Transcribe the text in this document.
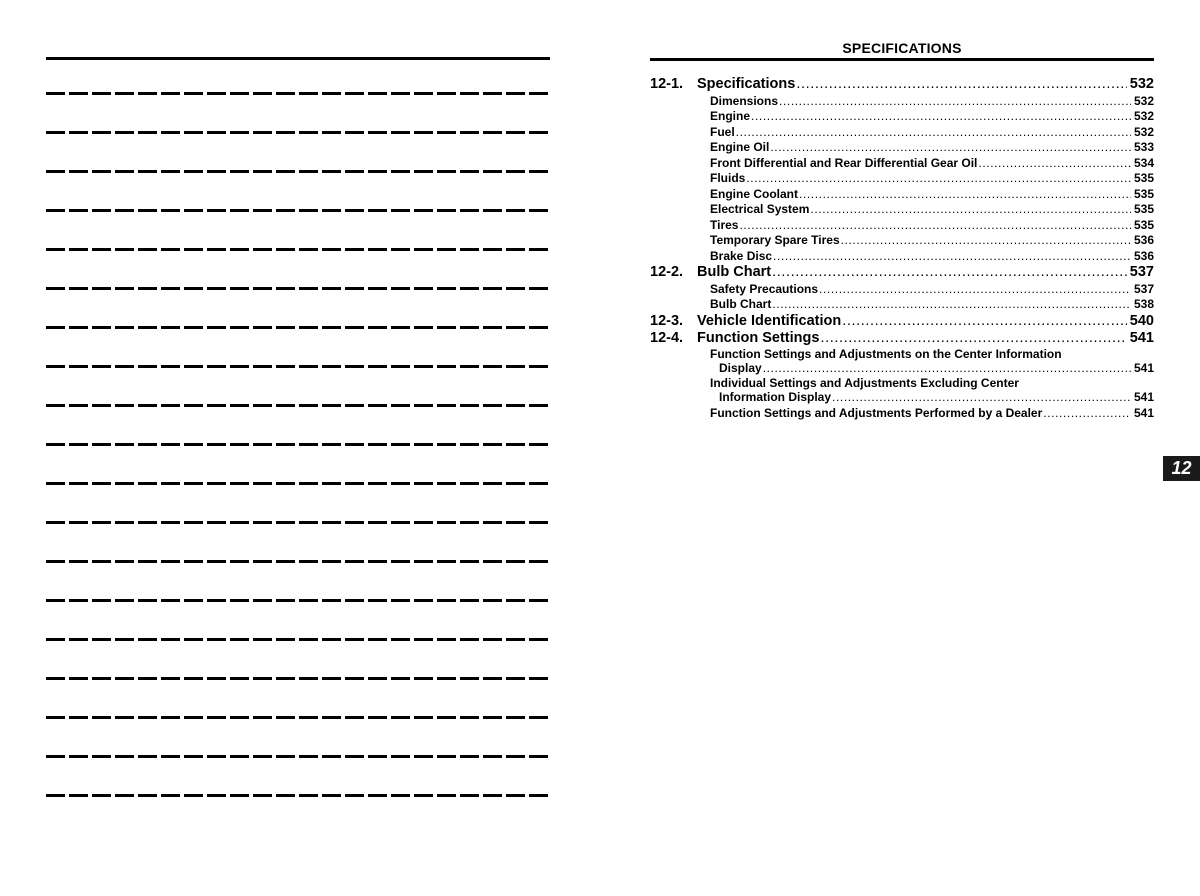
SPECIFICATIONS
12-1. Specifications .....	532
Dimensions .....	532
Engine .....	532
Fuel .....	532
Engine Oil .....	533
Front Differential and Rear Differential Gear Oil .....	534
Fluids .....	535
Engine Coolant .....	535
Electrical System .....	535
Tires .....	535
Temporary Spare Tires .....	536
Brake Disc .....	536
12-2. Bulb Chart .....	537
Safety Precautions .....	537
Bulb Chart .....	538
12-3. Vehicle Identification .....	540
12-4. Function Settings .....	541
Function Settings and Adjustments on the Center Information
Display .....	541
Individual Settings and Adjustments Excluding Center
Information Display .....	541
Function Settings and Adjustments Performed by a Dealer .....	541
12
